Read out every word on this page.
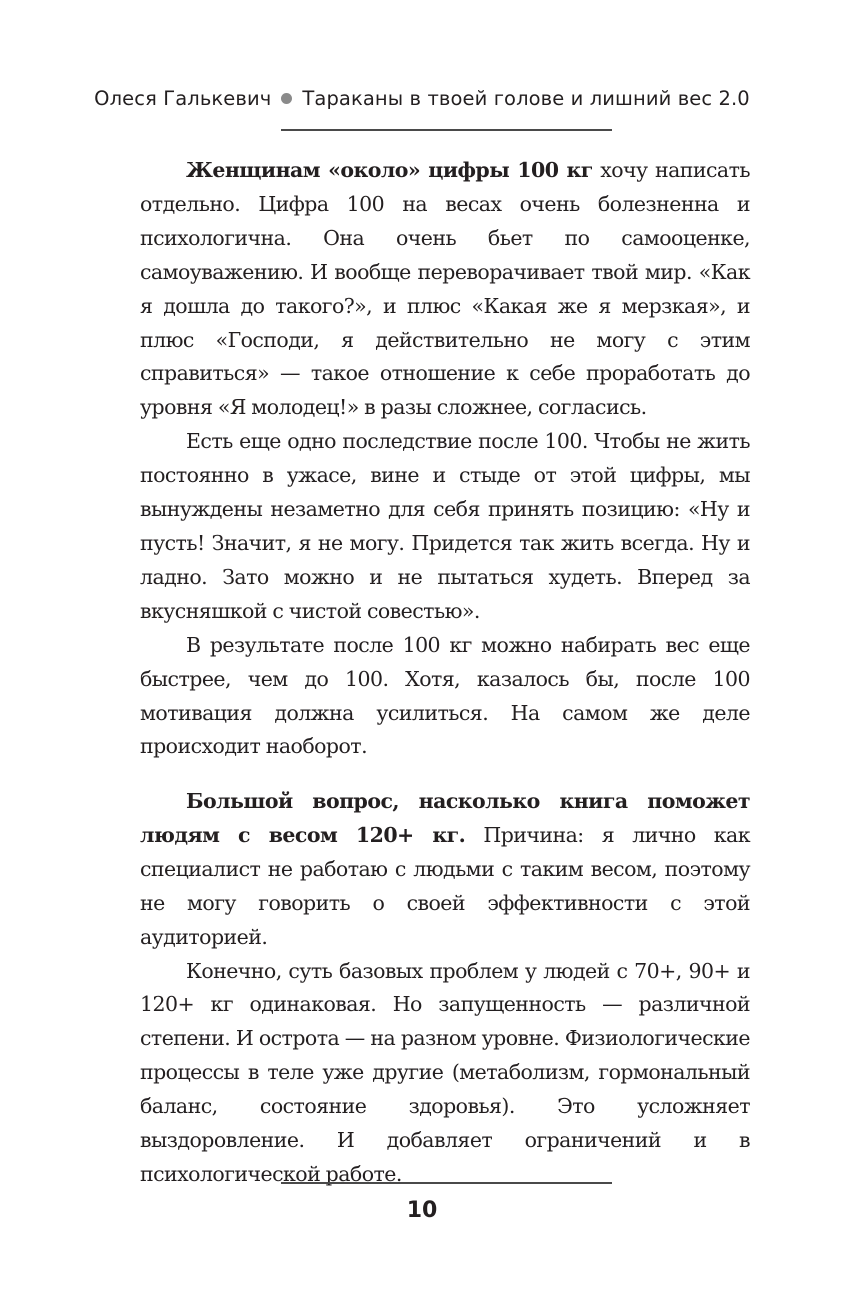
Олеся Галькевич Тараканы в твоей голове и лишний вес 2.0

Женщинам «около» цифры 100 кг хочу написать отдельно. Цифра 100 на весах очень болезненна и психологична. Она очень бьет по самооценке, самоуважению. И вообще переворачивает твой мир. «Как я дошла до такого?», и плюс «Какая же я мерзкая», и плюс «Господи, я действительно не могу с этим справиться» — такое отношение к себе проработать до уровня «Я молодец!» в разы сложнее, согласись.

Есть еще одно последствие после 100. Чтобы не жить постоянно в ужасе, вине и стыде от этой цифры, мы вынуждены незаметно для себя принять позицию: «Ну и пусть! Значит, я не могу. Придется так жить всегда. Ну и ладно. Зато можно и не пытаться худеть. Вперед за вкусняшкой с чистой совестью».

В результате после 100 кг можно набирать вес еще быстрее, чем до 100. Хотя, казалось бы, после 100 мотивация должна усилиться. На самом же деле происходит наоборот.

Большой вопрос, насколько книга поможет людям с весом 120+ кг. Причина: я лично как специалист не работаю с людьми с таким весом, поэтому не могу говорить о своей эффективности с этой аудиторией.

Конечно, суть базовых проблем у людей с 70+, 90+ и 120+ кг одинаковая. Но запущенность — различной степени. И острота — на разном уровне. Физиологические процессы в теле уже другие (метаболизм, гормональный баланс, состояние здоровья). Это усложняет выздоровление. И добавляет ограничений и в психологической работе.

10
